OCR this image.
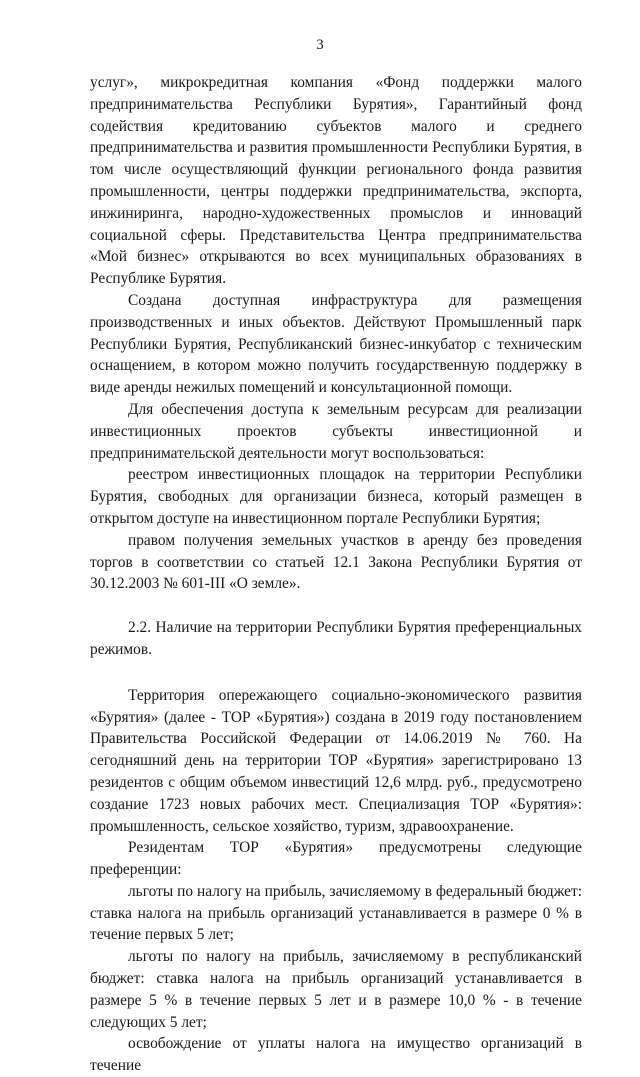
3

услуг», микрокредитная компания «Фонд поддержки малого предпринимательства Республики Бурятия», Гарантийный фонд содействия кредитованию субъектов малого и среднего предпринимательства и развития промышленности Республики Бурятия, в том числе осуществляющий функции регионального фонда развития промышленности, центры поддержки предпринимательства, экспорта, инжиниринга, народно-художественных промыслов и инноваций социальной сферы. Представительства Центра предпринимательства «Мой бизнес» открываются во всех муниципальных образованиях в Республике Бурятия.

Создана доступная инфраструктура для размещения производственных и иных объектов. Действуют Промышленный парк Республики Бурятия, Республиканский бизнес-инкубатор с техническим оснащением, в котором можно получить государственную поддержку в виде аренды нежилых помещений и консультационной помощи.

Для обеспечения доступа к земельным ресурсам для реализации инвестиционных проектов субъекты инвестиционной и предпринимательской деятельности могут воспользоваться:

реестром инвестиционных площадок на территории Республики Бурятия, свободных для организации бизнеса, который размещен в открытом доступе на инвестиционном портале Республики Бурятия;

правом получения земельных участков в аренду без проведения торгов в соответствии со статьей 12.1 Закона Республики Бурятия от 30.12.2003 № 601-III «О земле».

2.2. Наличие на территории Республики Бурятия преференциальных режимов.

Территория опережающего социально-экономического развития «Бурятия» (далее - ТОР «Бурятия») создана в 2019 году постановлением Правительства Российской Федерации от 14.06.2019 № 760. На сегодняшний день на территории ТОР «Бурятия» зарегистрировано 13 резидентов с общим объемом инвестиций 12,6 млрд. руб., предусмотрено создание 1723 новых рабочих мест. Специализация ТОР «Бурятия»: промышленность, сельское хозяйство, туризм, здравоохранение.

Резидентам ТОР «Бурятия» предусмотрены следующие преференции:

льготы по налогу на прибыль, зачисляемому в федеральный бюджет: ставка налога на прибыль организаций устанавливается в размере 0 % в течение первых 5 лет;

льготы по налогу на прибыль, зачисляемому в республиканский бюджет: ставка налога на прибыль организаций устанавливается в размере 5 % в течение первых 5 лет и в размере 10,0 % - в течение следующих 5 лет;

освобождение от уплаты налога на имущество организаций в течение
